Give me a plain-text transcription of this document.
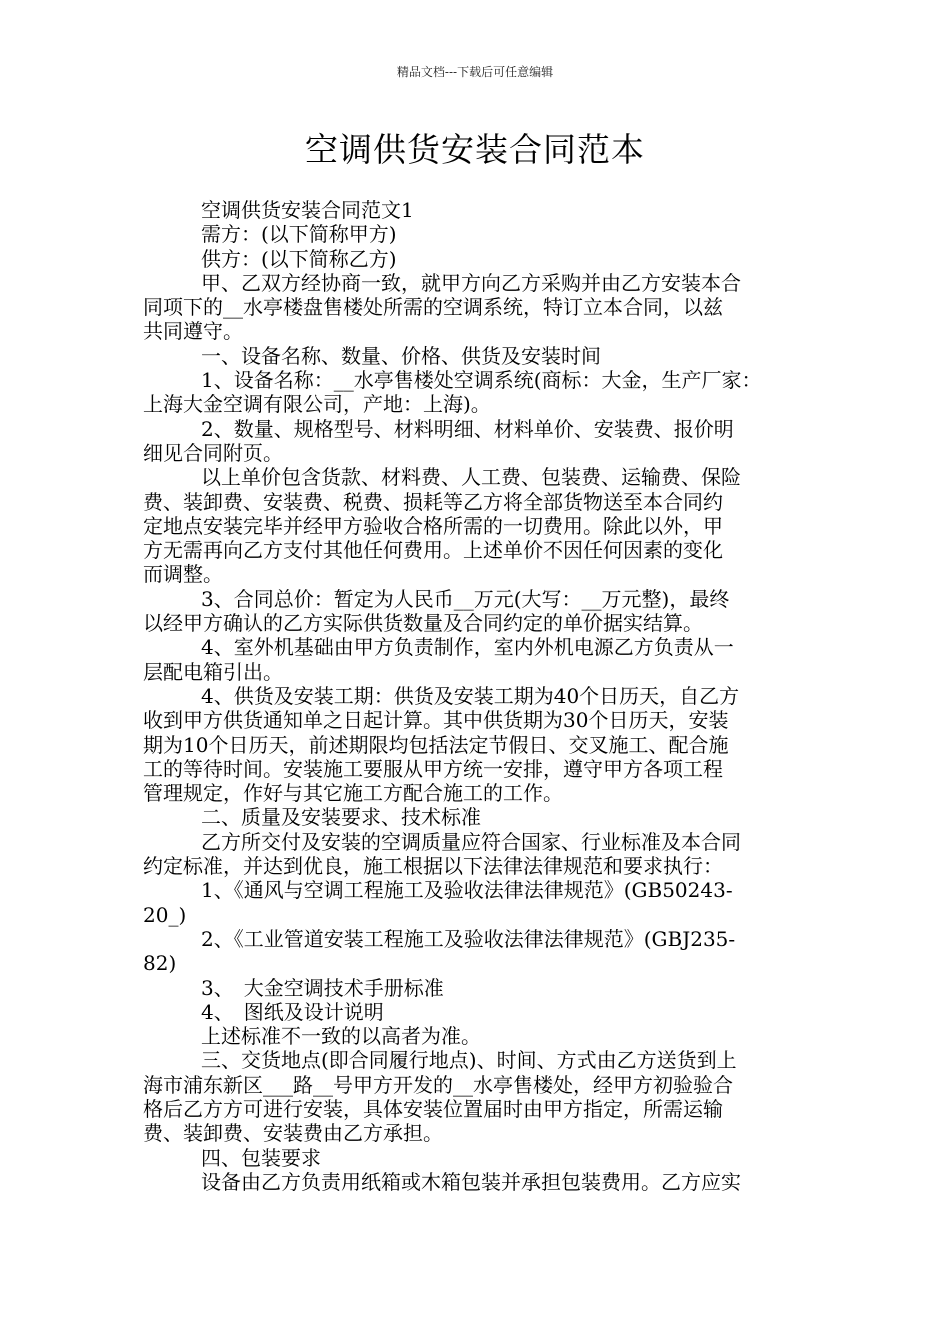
精品文档---下载后可任意编辑
空调供货安装合同范本
空调供货安装合同范文1
需方：(以下简称甲方)
供方：(以下简称乙方)
甲、乙双方经协商一致，就甲方向乙方采购并由乙方安装本合
同项下的__水亭楼盘售楼处所需的空调系统，特订立本合同，以兹
共同遵守。
一、设备名称、数量、价格、供货及安装时间
1、设备名称：__水亭售楼处空调系统(商标：大金，生产厂家：
上海大金空调有限公司，产地：上海)。
2、数量、规格型号、材料明细、材料单价、安装费、报价明
细见合同附页。
以上单价包含货款、材料费、人工费、包装费、运输费、保险
费、装卸费、安装费、税费、损耗等乙方将全部货物送至本合同约
定地点安装完毕并经甲方验收合格所需的一切费用。除此以外，甲
方无需再向乙方支付其他任何费用。上述单价不因任何因素的变化
而调整。
3、合同总价：暂定为人民币__万元(大写：__万元整)，最终
以经甲方确认的乙方实际供货数量及合同约定的单价据实结算。
4、室外机基础由甲方负责制作，室内外机电源乙方负责从一
层配电箱引出。
4、供货及安装工期：供货及安装工期为40个日历天，自乙方
收到甲方供货通知单之日起计算。其中供货期为30个日历天，安装
期为10个日历天，前述期限均包括法定节假日、交叉施工、配合施
工的等待时间。安装施工要服从甲方统一安排，遵守甲方各项工程
管理规定，作好与其它施工方配合施工的工作。
二、质量及安装要求、技术标准
乙方所交付及安装的空调质量应符合国家、行业标准及本合同
约定标准，并达到优良，施工根据以下法律法律规范和要求执行：
1、《通风与空调工程施工及验收法律法律规范》(GB50243-
20_)
2、《工业管道安装工程施工及验收法律法律规范》(GBJ235-
82)
3、　大金空调技术手册标准
4、　图纸及设计说明
上述标准不一致的以高者为准。
三、交货地点(即合同履行地点)、时间、方式由乙方送货到上
海市浦东新区___路__号甲方开发的__水亭售楼处，经甲方初验验合
格后乙方方可进行安装，具体安装位置届时由甲方指定，所需运输
费、装卸费、安装费由乙方承担。
四、包装要求
设备由乙方负责用纸箱或木箱包装并承担包装费用。乙方应实
